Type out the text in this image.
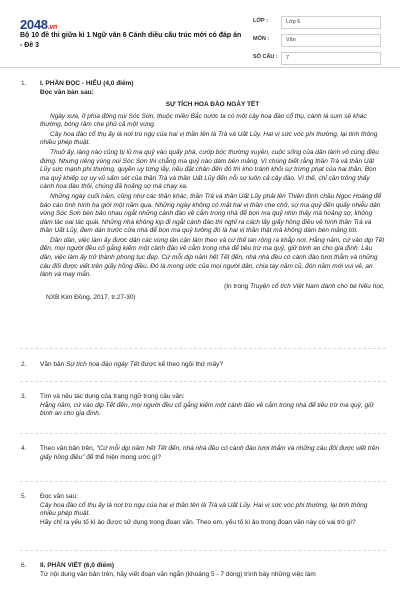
2048.vn
Bộ 10 đề thi giữa kì 1 Ngữ văn 6 Cánh diều cấu trúc mới có đáp án - Đề 3
LỚP :	Lớp 6
MÔN :	Văn
SỐ CÂU :	7
1. I. PHẦN ĐỌC - HIỂU (4,0 điểm)
Đọc văn bản sau:
SỰ TÍCH HOA ĐÀO NGÀY TẾT
Ngày xưa, ở phía đông núi Sóc Sơn, thuộc miền Bắc nước ta có một cây hoa đào cổ thụ, cành lá sum sê khác thường, bóng râm che phủ cả một vùng.
Cây hoa đào cổ thụ ấy là nơi trú ngụ của hai vị thần tên là Trà và Uất Lũy. Hai vị sức vóc phi thường, lại tinh thông nhiều phép thuật.
Thuở ấy, làng nào cũng bị lũ ma quỷ vào quấy phá, cướp bóc thường xuyên, cuộc sống của dân lành vô cùng điêu đứng. Nhưng riêng vùng núi Sóc Sơn thì chẳng ma quỷ nào dám bén mảng. Vì chúng biết rằng thần Trà và thần Uất Lũy sức mạnh phi thường, quyền uy từng lẫy, nếu đặt chân đến đó thì khó tránh khỏi sự trừng phạt của hai thần. Bọn ma quỷ khiếp sợ uy vũ sấm sét của thần Trà và thần Uất Lũy đến nỗi sợ luôn cả cây đào. Vì thế, chỉ cần trông thấy cành hoa đào thôi, chúng đã hoảng sợ mà chạy xa.
Những ngày cuối năm, cũng như các thần khác, thần Trà và thần Uất Lũy phải lên Thiên đình chầu Ngọc Hoàng để báo cáo tình hình hạ giới một năm qua. Những ngày không có mặt hai vị thần che chở, sợ ma quỷ đến quấy nhiễu dân vùng Sóc Sơn bèn bảo nhau ngắt những cành đào về cắm trong nhà để bọn ma quỷ nhìn thấy mà hoảng sợ, không dám tác oai tác quái. Những nhà không kịp đi ngắt cành đào thì nghĩ ra cách lấy giấy hồng điều vẽ hình thần Trà và thần Uất Lũy, đem dán trước cửa nhà để bọn ma quỷ tưởng đó là hai vị thần thật mà không dám bén mảng tới.
Dần dần, việc làm ấy được dân các vùng lân cận làm theo và cứ thế lan rộng ra khắp nơi. Hằng năm, cứ vào dịp Tết đến, mọi người đều cố gắng kiếm một cành đào về cắm trong nhà để tiêu trừ ma quỷ, giữ bình an cho gia đình. Lâu dần, việc làm ấy trở thành phong tục đẹp. Cứ mỗi dịp năm hết Tết đến, nhà nhà đều có cành đào tươi thắm và những câu đối được viết trên giấy hồng điều. Đó là mong ước của mọi người dân, chia tay năm cũ, đón năm mới vui vẻ, an lành và may mắn.
(In trong Truyện cổ tích Việt Nam dành cho bé hiếu học,
NXB Kim Đồng, 2017, tr.27-30)
2. Văn bản Sự tích hoa đào ngày Tết được kể theo ngôi thứ mấy?
3. Tìm và nêu tác dụng của trạng ngữ trong câu văn:
Hằng năm, cứ vào dịp Tết đến, mọi người đều cố gắng kiếm một cành đào về cắm trong nhà để tiêu trừ ma quỷ, giữ bình an cho gia đình.
4. Theo văn bản trên, “Cứ mỗi dịp năm hết Tết đến, nhà nhà đều có cành đào tươi thắm và những câu đối được viết trên giấy hồng điều” để thể hiện mong ước gì?
5. Đọc văn sau:
Cây hoa đào cổ thụ ấy là nơi trú ngụ của hai vị thần tên là Trà và Uất Lũy. Hai vị sức vóc phi thường, lại tinh thông nhiều phép thuật.
Hãy chỉ ra yếu tố kì ảo được sử dụng trong đoạn văn. Theo em, yếu tố kì ảo trong đoạn văn này có vai trò gì?
6. II. PHẦN VIẾT (6,0 điểm)
Từ nội dung văn bản trên, hãy viết đoạn văn ngắn (khoảng 5 - 7 dòng) trình bày những việc làm
